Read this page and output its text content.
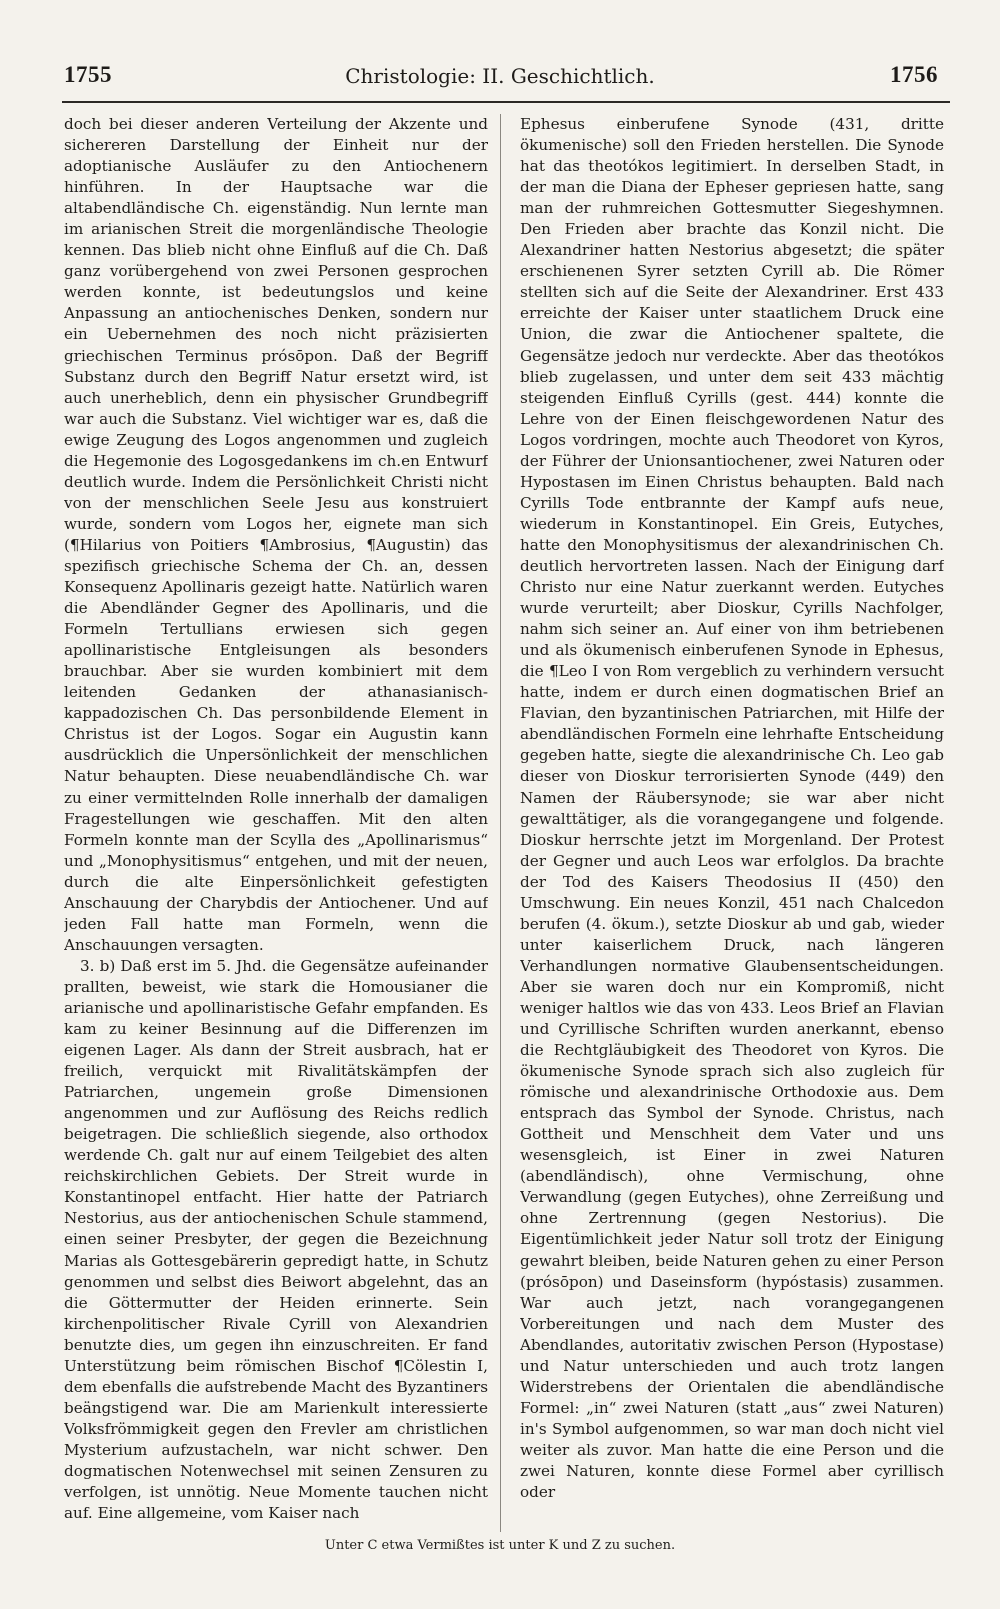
1755	Christologie: II. Geschichtlich.	1756

doch bei dieser anderen Verteilung der Akzente und sichereren Darstellung der Einheit nur der adoptianische Ausläufer zu den Antiochenern hinführen. In der Hauptsache war die altabendländische Ch. eigenständig. Nun lernte man im arianischen Streit die morgenländische Theologie kennen. Das blieb nicht ohne Einfluß auf die Ch. Daß ganz vorübergehend von zwei Personen gesprochen werden konnte, ist bedeutungslos und keine Anpassung an antiochenisches Denken, sondern nur ein Uebernehmen des noch nicht präzisierten griechischen Terminus prósōpon. Daß der Begriff Substanz durch den Begriff Natur ersetzt wird, ist auch unerheblich, denn ein physischer Grundbegriff war auch die Substanz. Viel wichtiger war es, daß die ewige Zeugung des Logos angenommen und zugleich die Hegemonie des Logosgedankens im ch.en Entwurf deutlich wurde. Indem die Persönlichkeit Christi nicht von der menschlichen Seele Jesu aus konstruiert wurde, sondern vom Logos her, eignete man sich (¶Hilarius von Poitiers ¶Ambrosius, ¶Augustin) das spezifisch griechische Schema der Ch. an, dessen Konsequenz Apollinaris gezeigt hatte. Natürlich waren die Abendländer Gegner des Apollinaris, und die Formeln Tertullians erwiesen sich gegen apollinaristische Entgleisungen als besonders brauchbar. Aber sie wurden kombiniert mit dem leitenden Gedanken der athanasianisch-kappadozischen Ch. Das personbildende Element in Christus ist der Logos. Sogar ein Augustin kann ausdrücklich die Unpersönlichkeit der menschlichen Natur behaupten. Diese neuabendländische Ch. war zu einer vermittelnden Rolle innerhalb der damaligen Fragestellungen wie geschaffen. Mit den alten Formeln konnte man der Scylla des „Apollinarismus“ und „Monophysitismus“ entgehen, und mit der neuen, durch die alte Einpersönlichkeit gefestigten Anschauung der Charybdis der Antiochener. Und auf jeden Fall hatte man Formeln, wenn die Anschauungen versagten.

3. b) Daß erst im 5. Jhd. die Gegensätze aufeinander prallten, beweist, wie stark die Homousianer die arianische und apollinaristische Gefahr empfanden. Es kam zu keiner Besinnung auf die Differenzen im eigenen Lager. Als dann der Streit ausbrach, hat er freilich, verquickt mit Rivalitätskämpfen der Patriarchen, ungemein große Dimensionen angenommen und zur Auflösung des Reichs redlich beigetragen. Die schließlich siegende, also orthodox werdende Ch. galt nur auf einem Teilgebiet des alten reichskirchlichen Gebiets. Der Streit wurde in Konstantinopel entfacht. Hier hatte der Patriarch Nestorius, aus der antiochenischen Schule stammend, einen seiner Presbyter, der gegen die Bezeichnung Marias als Gottesgebärerin gepredigt hatte, in Schutz genommen und selbst dies Beiwort abgelehnt, das an die Göttermutter der Heiden erinnerte. Sein kirchenpolitischer Rivale Cyrill von Alexandrien benutzte dies, um gegen ihn einzuschreiten. Er fand Unterstützung beim römischen Bischof ¶Cölestin I, dem ebenfalls die aufstrebende Macht des Byzantiners beängstigend war. Die am Marienkult interessierte Volksfrömmigkeit gegen den Frevler am christlichen Mysterium aufzustacheln, war nicht schwer. Den dogmatischen Notenwechsel mit seinen Zensuren zu verfolgen, ist unnötig. Neue Momente tauchen nicht auf. Eine allgemeine, vom Kaiser nach

Ephesus einberufene Synode (431, dritte ökumenische) soll den Frieden herstellen. Die Synode hat das theotókos legitimiert. In derselben Stadt, in der man die Diana der Epheser gepriesen hatte, sang man der ruhmreichen Gottesmutter Siegeshymnen. Den Frieden aber brachte das Konzil nicht. Die Alexandriner hatten Nestorius abgesetzt; die später erschienenen Syrer setzten Cyrill ab. Die Römer stellten sich auf die Seite der Alexandriner. Erst 433 erreichte der Kaiser unter staatlichem Druck eine Union, die zwar die Antiochener spaltete, die Gegensätze jedoch nur verdeckte. Aber das theotókos blieb zugelassen, und unter dem seit 433 mächtig steigenden Einfluß Cyrills (gest. 444) konnte die Lehre von der Einen fleischgewordenen Natur des Logos vordringen, mochte auch Theodoret von Kyros, der Führer der Unionsantiochener, zwei Naturen oder Hypostasen im Einen Christus behaupten. Bald nach Cyrills Tode entbrannte der Kampf aufs neue, wiederum in Konstantinopel. Ein Greis, Eutyches, hatte den Monophysitismus der alexandrinischen Ch. deutlich hervortreten lassen. Nach der Einigung darf Christo nur eine Natur zuerkannt werden. Eutyches wurde verurteilt; aber Dioskur, Cyrills Nachfolger, nahm sich seiner an. Auf einer von ihm betriebenen und als ökumenisch einberufenen Synode in Ephesus, die ¶Leo I von Rom vergeblich zu verhindern versucht hatte, indem er durch einen dogmatischen Brief an Flavian, den byzantinischen Patriarchen, mit Hilfe der abendländischen Formeln eine lehrhafte Entscheidung gegeben hatte, siegte die alexandrinische Ch. Leo gab dieser von Dioskur terrorisierten Synode (449) den Namen der Räubersynode; sie war aber nicht gewalttätiger, als die vorangegangene und folgende. Dioskur herrschte jetzt im Morgenland. Der Protest der Gegner und auch Leos war erfolglos. Da brachte der Tod des Kaisers Theodosius II (450) den Umschwung. Ein neues Konzil, 451 nach Chalcedon berufen (4. ökum.), setzte Dioskur ab und gab, wieder unter kaiserlichem Druck, nach längeren Verhandlungen normative Glaubensentscheidungen. Aber sie waren doch nur ein Kompromiß, nicht weniger haltlos wie das von 433. Leos Brief an Flavian und Cyrillische Schriften wurden anerkannt, ebenso die Rechtgläubigkeit des Theodoret von Kyros. Die ökumenische Synode sprach sich also zugleich für römische und alexandrinische Orthodoxie aus. Dem entsprach das Symbol der Synode. Christus, nach Gottheit und Menschheit dem Vater und uns wesensgleich, ist Einer in zwei Naturen (abendländisch), ohne Vermischung, ohne Verwandlung (gegen Eutyches), ohne Zerreißung und ohne Zertrennung (gegen Nestorius). Die Eigentümlichkeit jeder Natur soll trotz der Einigung gewahrt bleiben, beide Naturen gehen zu einer Person (prósōpon) und Daseinsform (hypóstasis) zusammen. War auch jetzt, nach vorangegangenen Vorbereitungen und nach dem Muster des Abendlandes, autoritativ zwischen Person (Hypostase) und Natur unterschieden und auch trotz langen Widerstrebens der Orientalen die abendländische Formel: „in“ zwei Naturen (statt „aus“ zwei Naturen) in's Symbol aufgenommen, so war man doch nicht viel weiter als zuvor. Man hatte die eine Person und die zwei Naturen, konnte diese Formel aber cyrillisch oder

Unter C etwa Vermißtes ist unter K und Z zu suchen.
